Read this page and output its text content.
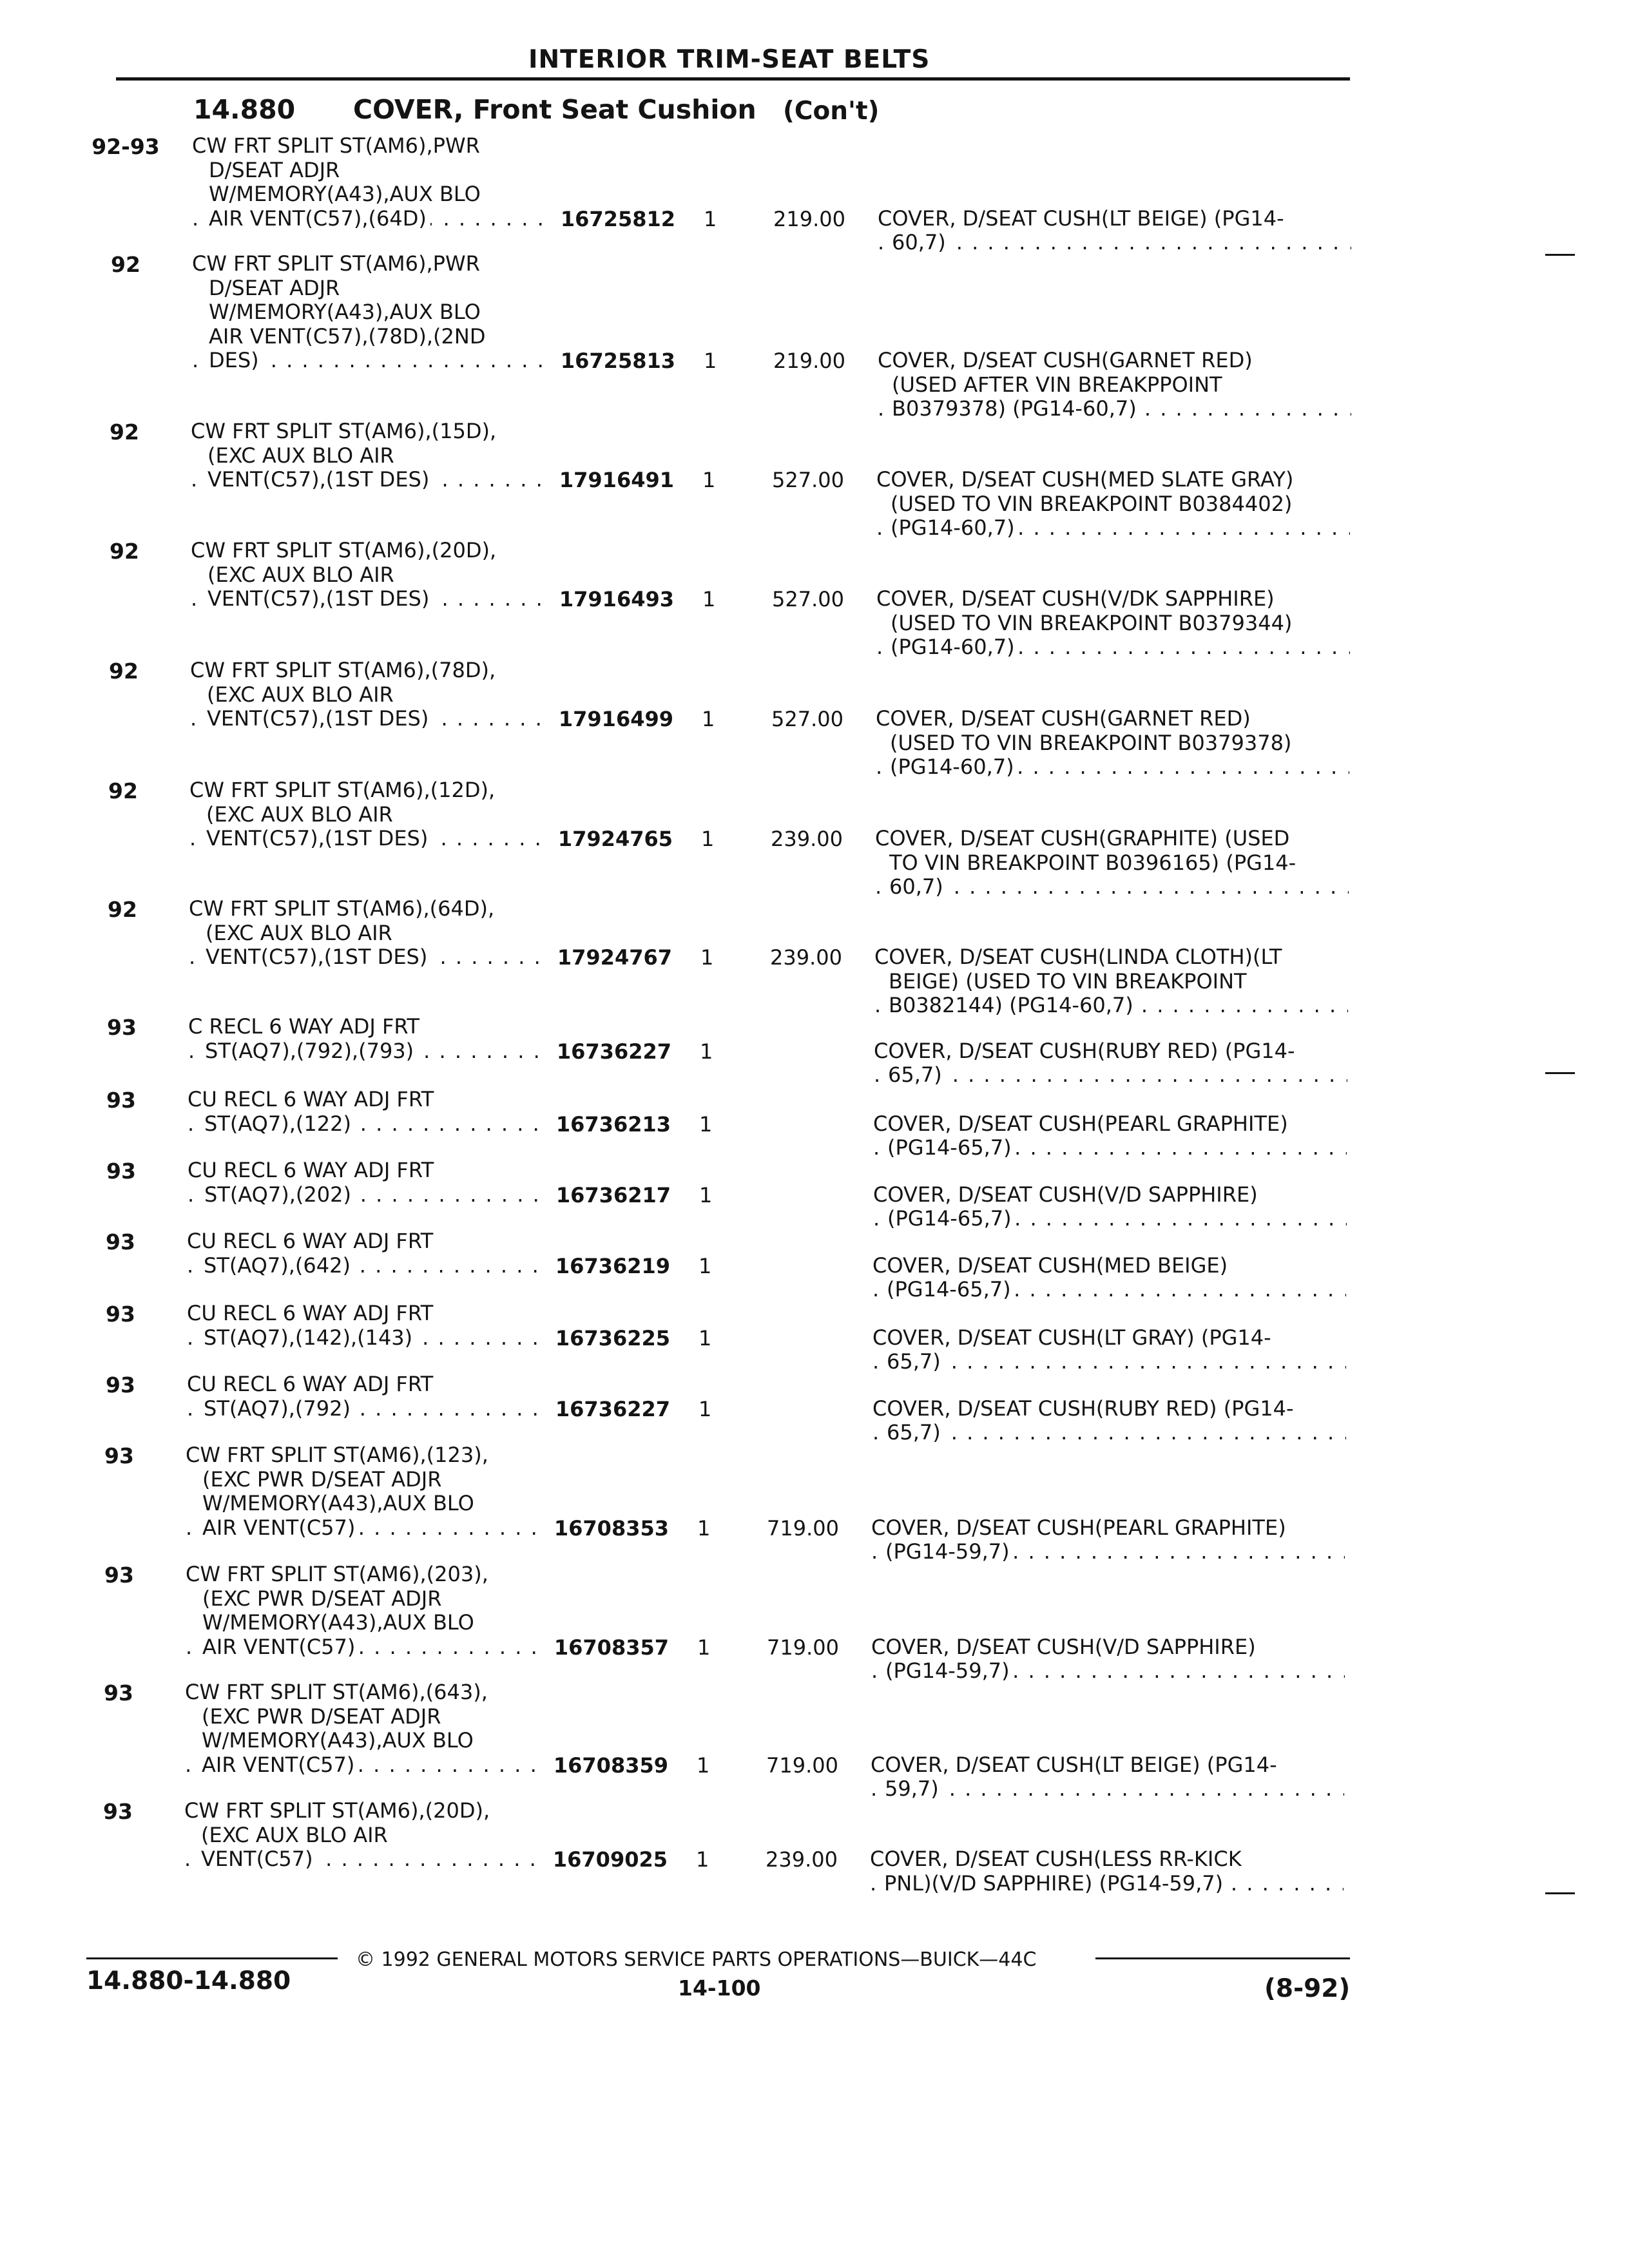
INTERIOR TRIM-SEAT BELTS
14.880 COVER, Front Seat Cushion (Con't)
92-93	CW FRT SPLIT ST(AM6),PWR
D/SEAT ADJR
W/MEMORY(A43),AUX BLO
AIR VENT(C57),(64D) . . .	16725812 1	219.00 COVER, D/SEAT CUSH(LT BEIGE) (PG14-
60,7) . . .
92	CW FRT SPLIT ST(AM6),PWR
D/SEAT ADJR
W/MEMORY(A43),AUX BLO
AIR VENT(C57),(78D),(2ND
DES) . . .	16725813 1	219.00 COVER, D/SEAT CUSH(GARNET RED)
(USED AFTER VIN BREAKPPOINT
B0379378) (PG14-60,7) . . .
92	CW FRT SPLIT ST(AM6),(15D),
(EXC AUX BLO AIR
VENT(C57),(1ST DES) . . .	17916491 1	527.00 COVER, D/SEAT CUSH(MED SLATE GRAY)
(USED TO VIN BREAKPOINT B0384402)
(PG14-60,7) . . .
92	CW FRT SPLIT ST(AM6),(20D),
(EXC AUX BLO AIR
VENT(C57),(1ST DES) . . .	17916493 1	527.00 COVER, D/SEAT CUSH(V/DK SAPPHIRE)
(USED TO VIN BREAKPOINT B0379344)
(PG14-60,7) . . .
92	CW FRT SPLIT ST(AM6),(78D),
(EXC AUX BLO AIR
VENT(C57),(1ST DES) . . .	17916499 1	527.00 COVER, D/SEAT CUSH(GARNET RED)
(USED TO VIN BREAKPOINT B0379378)
(PG14-60,7) . . .
92	CW FRT SPLIT ST(AM6),(12D),
(EXC AUX BLO AIR
VENT(C57),(1ST DES) . . .	17924765 1	239.00 COVER, D/SEAT CUSH(GRAPHITE) (USED
TO VIN BREAKPOINT B0396165) (PG14-
60,7) . . .
92	CW FRT SPLIT ST(AM6),(64D),
(EXC AUX BLO AIR
VENT(C57),(1ST DES) . . .	17924767 1	239.00 COVER, D/SEAT CUSH(LINDA CLOTH)(LT
BEIGE) (USED TO VIN BREAKPOINT
B0382144) (PG14-60,7) . . .
93	C RECL 6 WAY ADJ FRT
ST(AQ7),(792),(793) . . .	16736227 1	COVER, D/SEAT CUSH(RUBY RED) (PG14-
65,7) . . .
93	CU RECL 6 WAY ADJ FRT
ST(AQ7),(122) . . .	16736213 1	COVER, D/SEAT CUSH(PEARL GRAPHITE)
(PG14-65,7) . . .
93	CU RECL 6 WAY ADJ FRT
ST(AQ7),(202) . . .	16736217 1	COVER, D/SEAT CUSH(V/D SAPPHIRE)
(PG14-65,7) . . .
93	CU RECL 6 WAY ADJ FRT
ST(AQ7),(642) . . .	16736219 1	COVER, D/SEAT CUSH(MED BEIGE)
(PG14-65,7) . . .
93	CU RECL 6 WAY ADJ FRT
ST(AQ7),(142),(143) . . .	16736225 1	COVER, D/SEAT CUSH(LT GRAY) (PG14-
65,7) . . .
93	CU RECL 6 WAY ADJ FRT
ST(AQ7),(792) . . .	16736227 1	COVER, D/SEAT CUSH(RUBY RED) (PG14-
65,7) . . .
93	CW FRT SPLIT ST(AM6),(123),
(EXC PWR D/SEAT ADJR
W/MEMORY(A43),AUX BLO
AIR VENT(C57) . . .	16708353 1	719.00 COVER, D/SEAT CUSH(PEARL GRAPHITE)
(PG14-59,7) . . .
93	CW FRT SPLIT ST(AM6),(203),
(EXC PWR D/SEAT ADJR
W/MEMORY(A43),AUX BLO
AIR VENT(C57) . . .	16708357 1	719.00 COVER, D/SEAT CUSH(V/D SAPPHIRE)
(PG14-59,7) . . .
93	CW FRT SPLIT ST(AM6),(643),
(EXC PWR D/SEAT ADJR
W/MEMORY(A43),AUX BLO
AIR VENT(C57) . . .	16708359 1	719.00 COVER, D/SEAT CUSH(LT BEIGE) (PG14-
59,7) . . .
93	CW FRT SPLIT ST(AM6),(20D),
(EXC AUX BLO AIR
VENT(C57) . . .	16709025 1	239.00 COVER, D/SEAT CUSH(LESS RR-KICK
PNL)(V/D SAPPHIRE) (PG14-59,7) . . .
© 1992 GENERAL MOTORS SERVICE PARTS OPERATIONS—BUICK—44C
14.880-14.880	14-100	(8-92)
